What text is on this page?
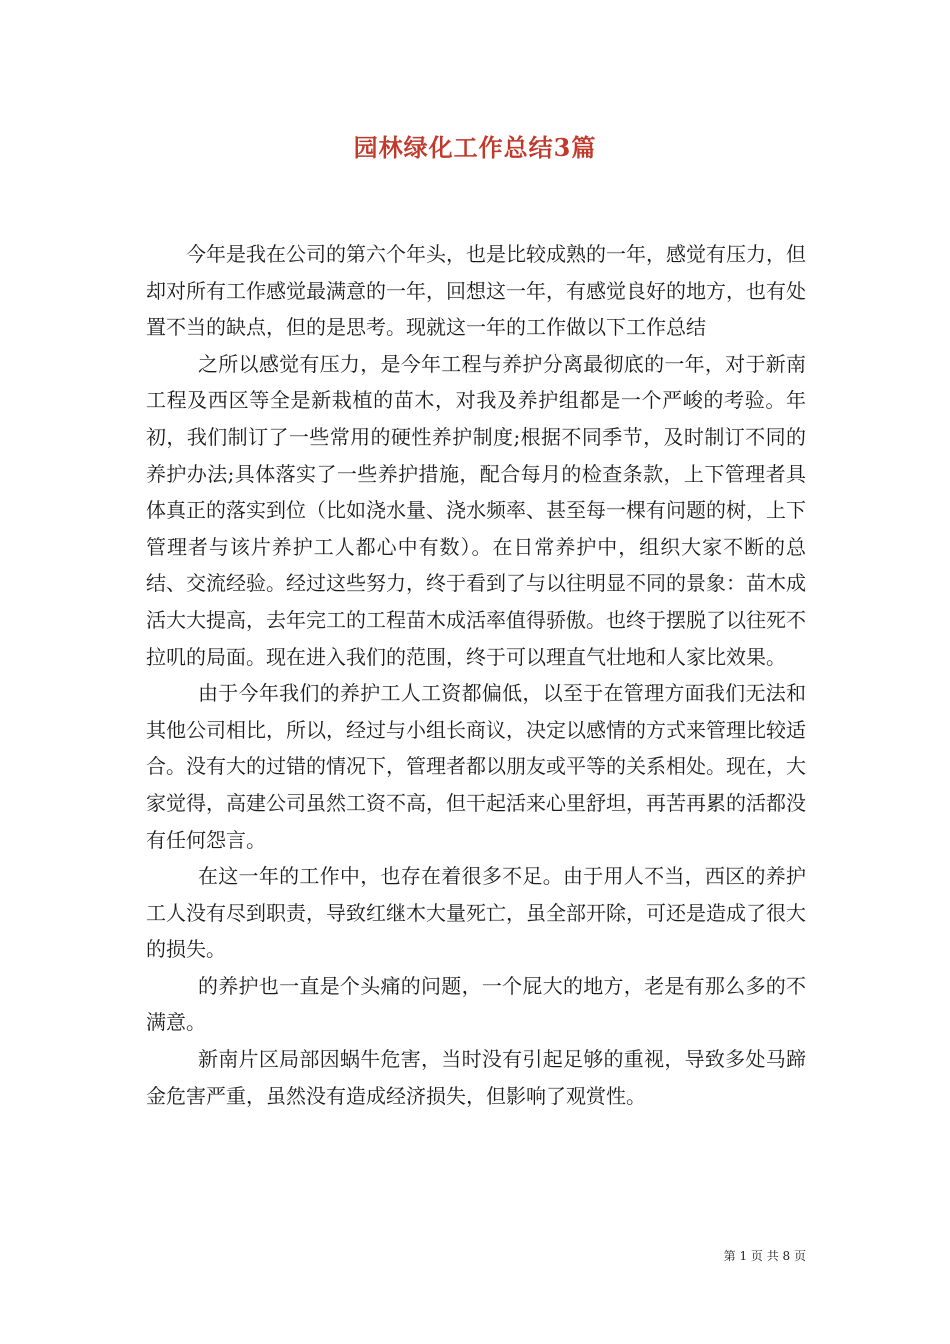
园林绿化工作总结3篇

今年是我在公司的第六个年头，也是比较成熟的一年，感觉有压力，但却对所有工作感觉最满意的一年，回想这一年，有感觉良好的地方，也有处置不当的缺点，但的是思考。现就这一年的工作做以下工作总结

之所以感觉有压力，是今年工程与养护分离最彻底的一年，对于新南工程及西区等全是新栽植的苗木，对我及养护组都是一个严峻的考验。年初，我们制订了一些常用的硬性养护制度;根据不同季节，及时制订不同的养护办法;具体落实了一些养护措施，配合每月的检查条款，上下管理者具体真正的落实到位（比如浇水量、浇水频率、甚至每一棵有问题的树，上下管理者与该片养护工人都心中有数）。在日常养护中，组织大家不断的总结、交流经验。经过这些努力，终于看到了与以往明显不同的景象：苗木成活大大提高，去年完工的工程苗木成活率值得骄傲。也终于摆脱了以往死不拉叽的局面。现在进入我们的范围，终于可以理直气壮地和人家比效果。

由于今年我们的养护工人工资都偏低，以至于在管理方面我们无法和其他公司相比，所以，经过与小组长商议，决定以感情的方式来管理比较适合。没有大的过错的情况下，管理者都以朋友或平等的关系相处。现在，大家觉得，高建公司虽然工资不高，但干起活来心里舒坦，再苦再累的活都没有任何怨言。

在这一年的工作中，也存在着很多不足。由于用人不当，西区的养护工人没有尽到职责，导致红继木大量死亡，虽全部开除，可还是造成了很大的损失。

的养护也一直是个头痛的问题，一个屁大的地方，老是有那么多的不满意。

新南片区局部因蜗牛危害，当时没有引起足够的重视，导致多处马蹄金危害严重，虽然没有造成经济损失，但影响了观赏性。

第 1 页 共 8 页
